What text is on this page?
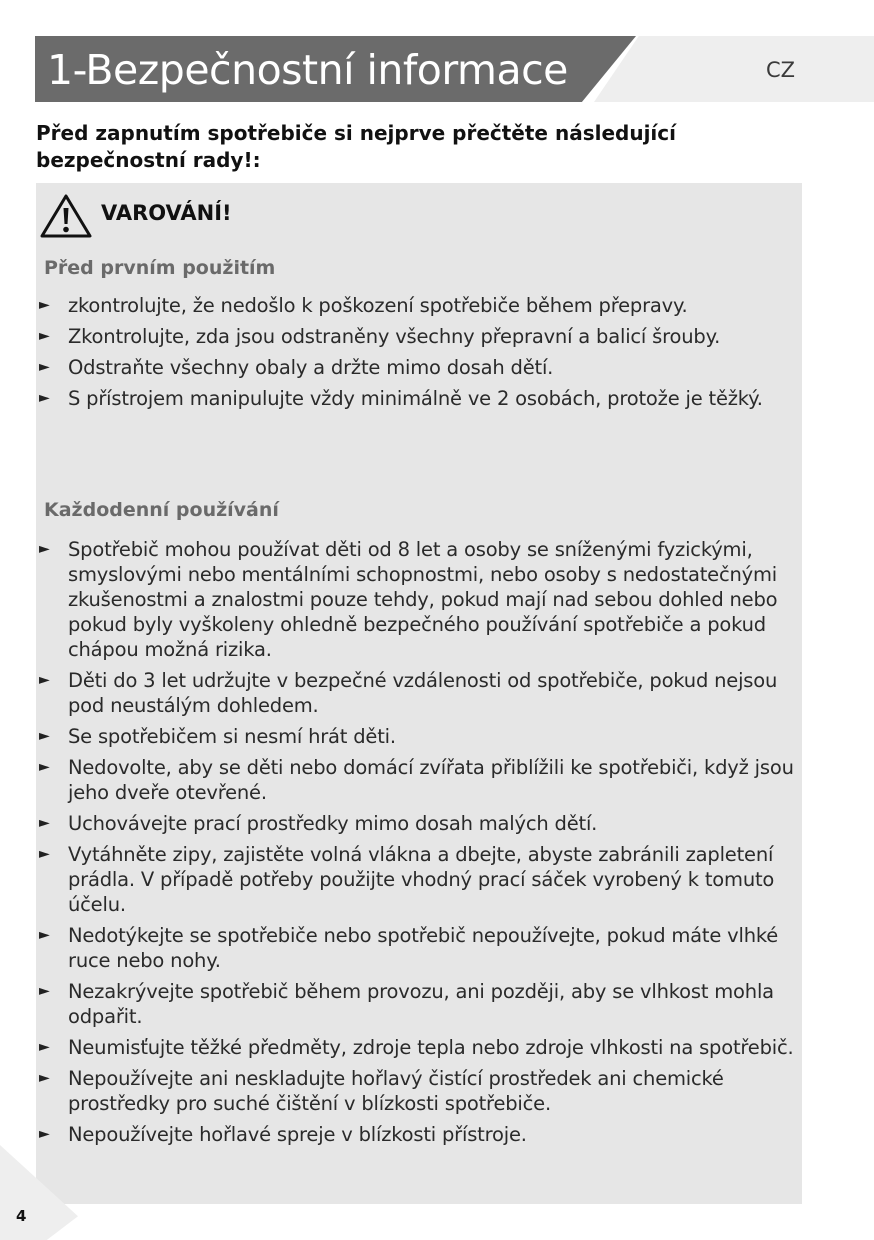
1-Bezpečnostní informace	CZ
Před zapnutím spotřebiče si nejprve přečtěte následující bezpečnostní rady!:
VAROVÁNÍ!
Před prvním použitím
► zkontrolujte, že nedošlo k poškození spotřebiče během přepravy.
► Zkontrolujte, zda jsou odstraněny všechny přepravní a balicí šrouby.
► Odstraňte všechny obaly a držte mimo dosah dětí.
► S přístrojem manipulujte vždy minimálně ve 2 osobách, protože je těžký.
Každodenní používání
► Spotřebič mohou používat děti od 8 let a osoby se sníženými fyzickými, smyslovými nebo mentálními schopnostmi, nebo osoby s nedostatečnými zkušenostmi a znalostmi pouze tehdy, pokud mají nad sebou dohled nebo pokud byly vyškoleny ohledně bezpečného používání spotřebiče a pokud chápou možná rizika.
► Děti do 3 let udržujte v bezpečné vzdálenosti od spotřebiče, pokud nejsou pod neustálým dohledem.
► Se spotřebičem si nesmí hrát děti.
► Nedovolte, aby se děti nebo domácí zvířata přiblížili ke spotřebiči, když jsou jeho dveře otevřené.
► Uchovávejte prací prostředky mimo dosah malých dětí.
► Vytáhněte zipy, zajistěte volná vlákna a dbejte, abyste zabránili zapletení prádla. V případě potřeby použijte vhodný prací sáček vyrobený k tomuto účelu.
► Nedotýkejte se spotřebiče nebo spotřebič nepoužívejte, pokud máte vlhké ruce nebo nohy.
► Nezakrývejte spotřebič během provozu, ani později, aby se vlhkost mohla odpařit.
► Neumisťujte těžké předměty, zdroje tepla nebo zdroje vlhkosti na spotřebič.
► Nepoužívejte ani neskladujte hořlavý čistící prostředek ani chemické prostředky pro suché čištění v blízkosti spotřebiče.
► Nepoužívejte hořlavé spreje v blízkosti přístroje.
4
